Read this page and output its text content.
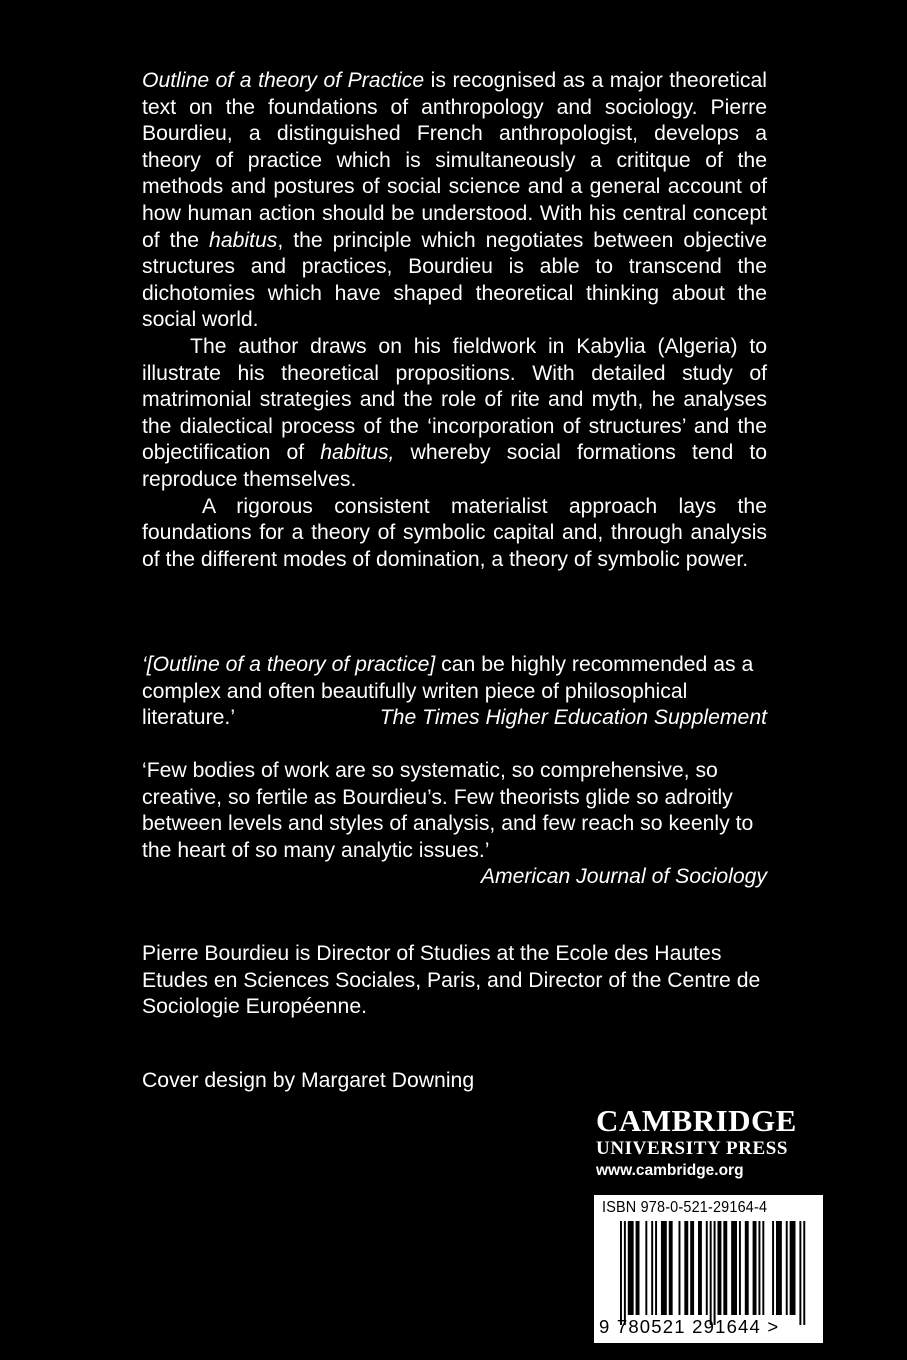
Outline of a theory of Practice is recognised as a major theoretical text on the foundations of anthropology and sociology. Pierre Bourdieu, a distinguished French anthropologist, develops a theory of practice which is simultaneously a crititque of the methods and postures of social science and a general account of how human action should be understood. With his central concept of the habitus, the principle which negotiates between objective structures and practices, Bourdieu is able to transcend the dichotomies which have shaped theoretical thinking about the social world.

The author draws on his fieldwork in Kabylia (Algeria) to illustrate his theoretical propositions. With detailed study of matrimonial strategies and the role of rite and myth, he analyses the dialectical process of the ‘incorporation of structures’ and the objectification of habitus, whereby social formations tend to reproduce themselves.

A rigorous consistent materialist approach lays the foundations for a theory of symbolic capital and, through analysis of the different modes of domination, a theory of symbolic power.

‘[Outline of a theory of practice] can be highly recommended as a complex and often beautifully writen piece of philosophical literature.’	The Times Higher Education Supplement
‘Few bodies of work are so systematic, so comprehensive, so creative, so fertile as Bourdieu’s. Few theorists glide so adroitly between levels and styles of analysis, and few reach so keenly to the heart of so many analytic issues.’
American Journal of Sociology
Pierre Bourdieu is Director of Studies at the Ecole des Hautes Etudes en Sciences Sociales, Paris, and Director of the Centre de Sociologie Européenne.
Cover design by Margaret Downing
CAMBRIDGE
UNIVERSITY PRESS
www.cambridge.org
ISBN 978-0-521-29164-4
9 780521 291644 >
